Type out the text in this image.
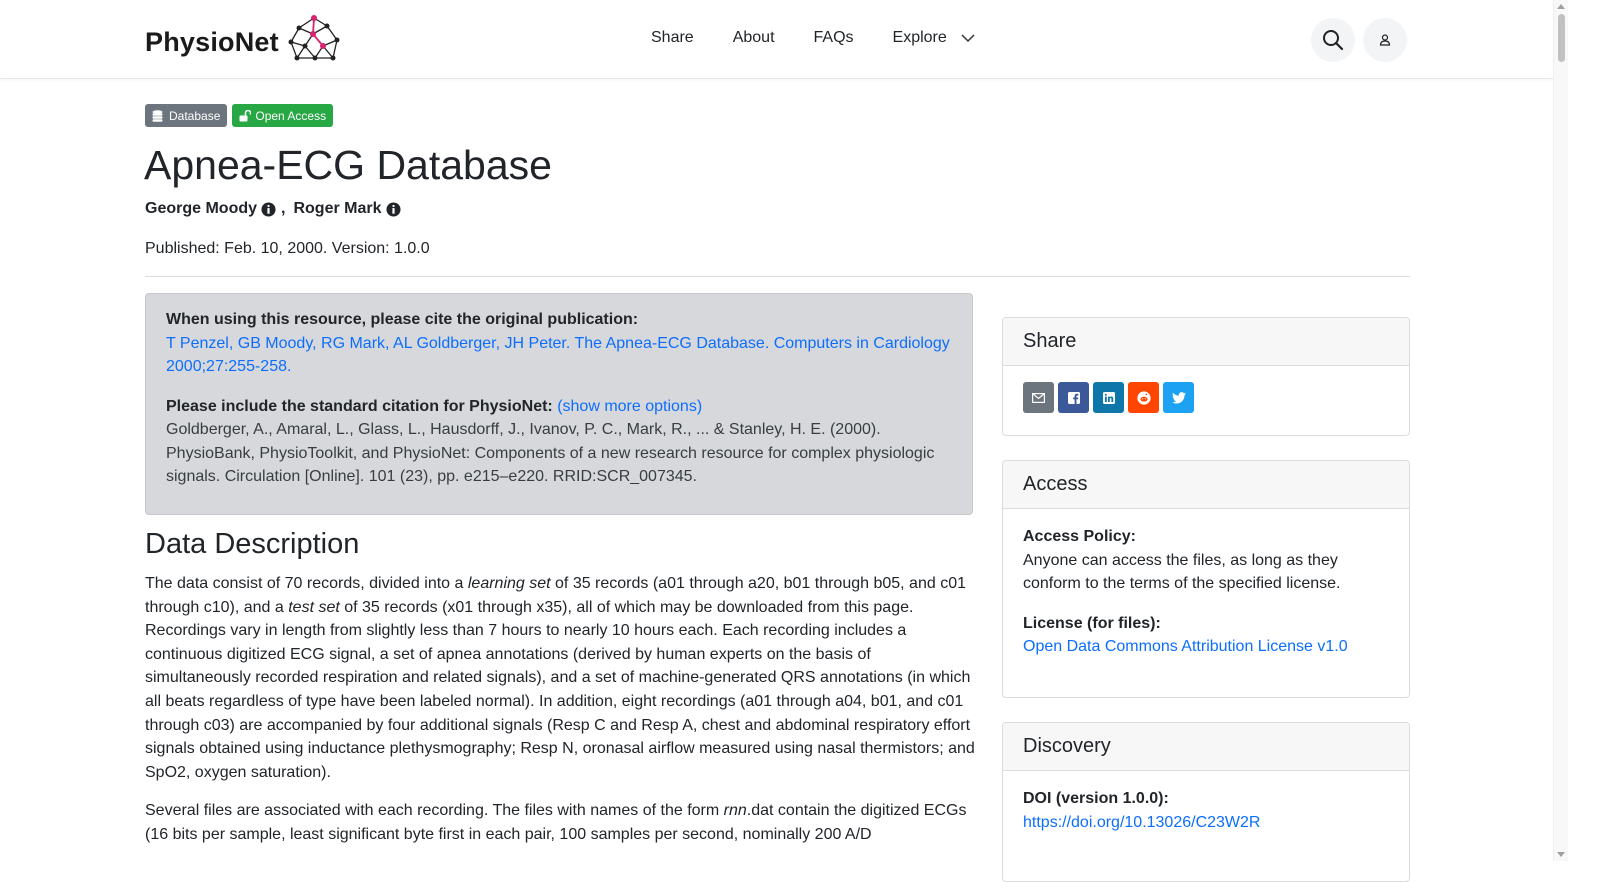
PhysioNet	Share About FAQs Explore
Database	Open Access
Apnea-ECG Database
George Moody , Roger Mark
Published: Feb. 10, 2000. Version: 1.0.0
When using this resource, please cite the original publication:
T Penzel, GB Moody, RG Mark, AL Goldberger, JH Peter. The Apnea-ECG Database. Computers in Cardiology 2000;27:255-258.
Please include the standard citation for PhysioNet: (show more options)
Goldberger, A., Amaral, L., Glass, L., Hausdorff, J., Ivanov, P. C., Mark, R., ... & Stanley, H. E. (2000). PhysioBank, PhysioToolkit, and PhysioNet: Components of a new research resource for complex physiologic signals. Circulation [Online]. 101 (23), pp. e215–e220. RRID:SCR_007345.
Data Description

The data consist of 70 records, divided into a learning set of 35 records (a01 through a20, b01 through b05, and c01 through c10), and a test set of 35 records (x01 through x35), all of which may be downloaded from this page. Recordings vary in length from slightly less than 7 hours to nearly 10 hours each. Each recording includes a continuous digitized ECG signal, a set of apnea annotations (derived by human experts on the basis of simultaneously recorded respiration and related signals), and a set of machine-generated QRS annotations (in which all beats regardless of type have been labeled normal). In addition, eight recordings (a01 through a04, b01, and c01 through c03) are accompanied by four additional signals (Resp C and Resp A, chest and abdominal respiratory effort signals obtained using inductance plethysmography; Resp N, oronasal airflow measured using nasal thermistors; and SpO2, oxygen saturation).

Several files are associated with each recording. The files with names of the form rnn.dat contain the digitized ECGs (16 bits per sample, least significant byte first in each pair, 100 samples per second, nominally 200 A/D

Share
Access
Access Policy:
Anyone can access the files, as long as they conform to the terms of the specified license.
License (for files):
Open Data Commons Attribution License v1.0
Discovery
DOI (version 1.0.0):
https://doi.org/10.13026/C23W2R
